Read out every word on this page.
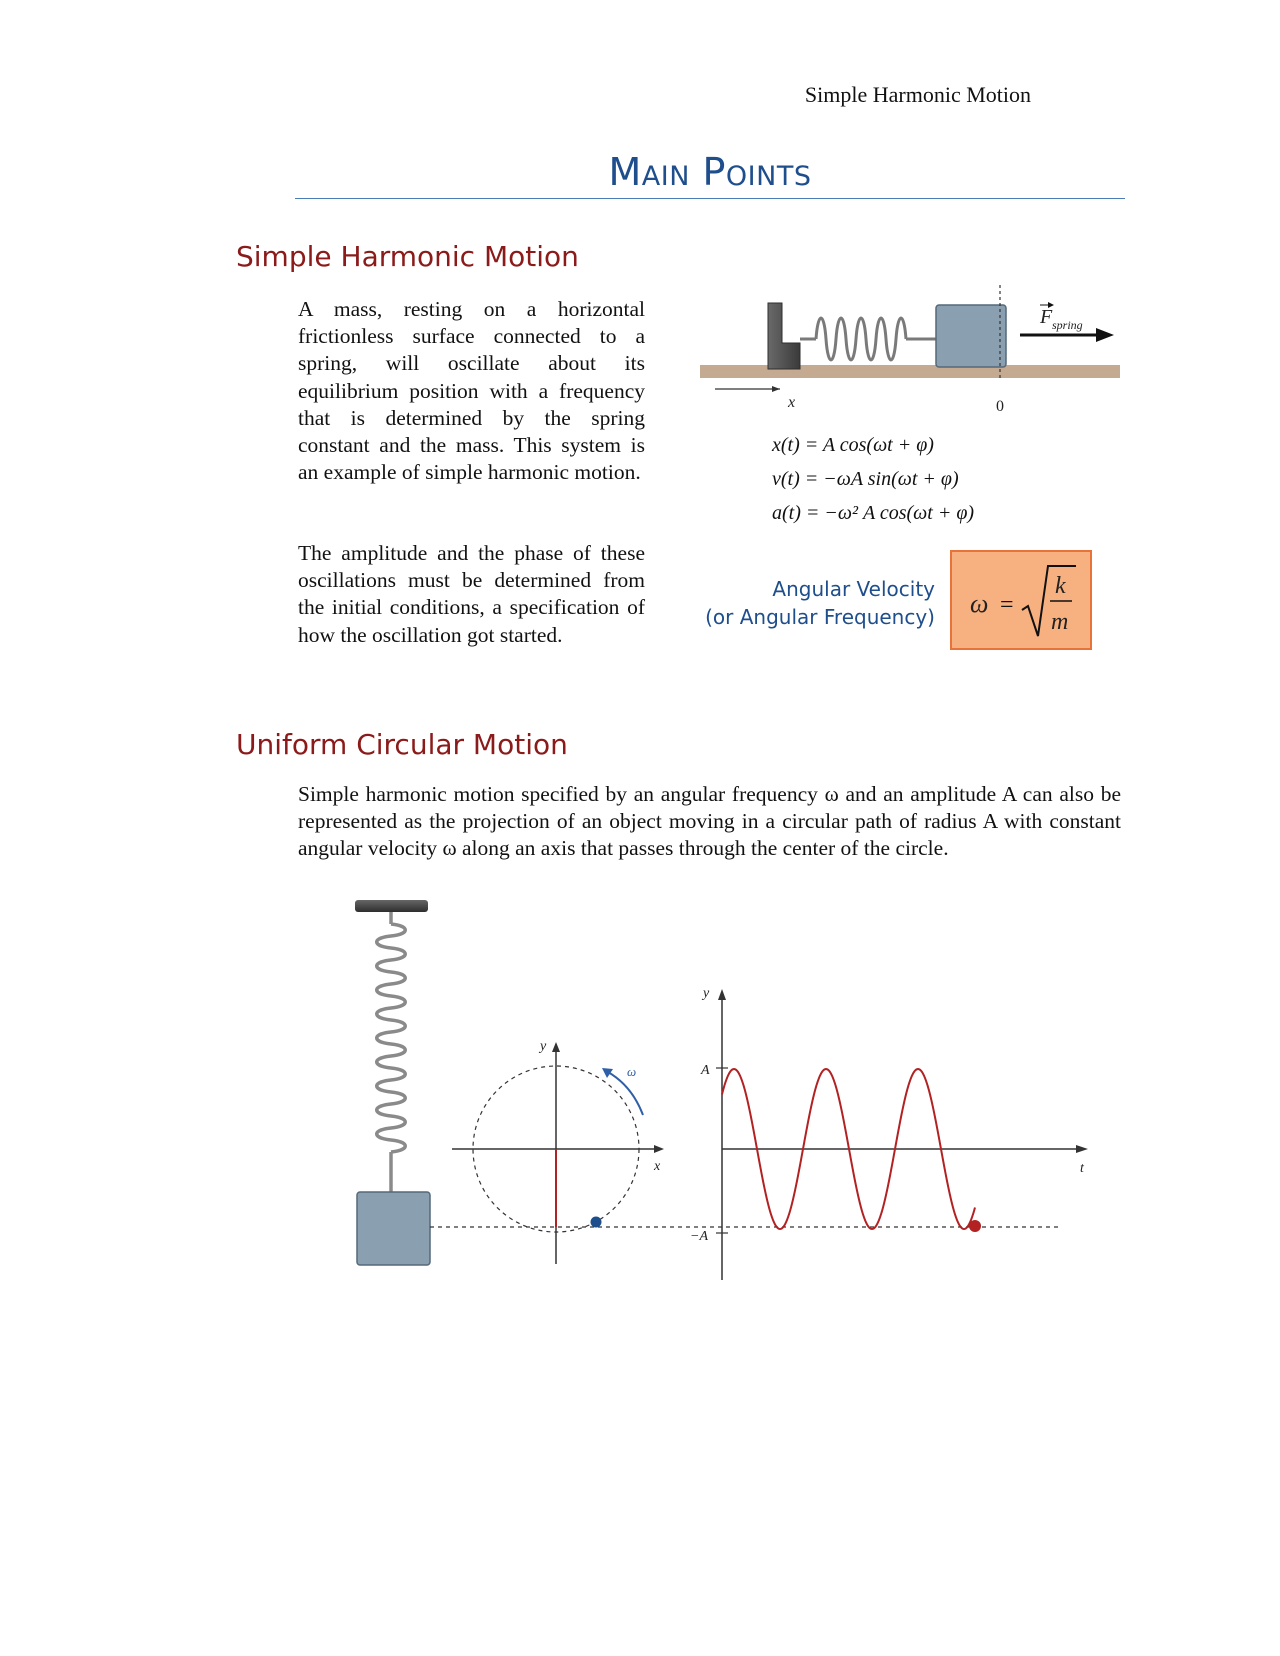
Simple Harmonic Motion
Main Points
Simple Harmonic Motion

A mass, resting on a horizontal frictionless surface connected to a spring, will oscillate about its equilibrium position with a frequency that is determined by the spring constant and the mass. This system is an example of simple harmonic motion.

The amplitude and the phase of these oscillations must be determined from the initial conditions, a specification of how the oscillation got started.

x	0
F spring
x(t) = A cos(ωt + φ)
v(t) = −ωA sin(ωt + φ)
a(t) = −ω² A cos(ωt + φ)
Angular Velocity
(or Angular Frequency) ω =
k
m
Uniform Circular Motion

Simple harmonic motion specified by an angular frequency ω and an amplitude A can also be represented as the projection of an object moving in a circular path of radius A with constant angular velocity ω along an axis that passes through the center of the circle.

y
x
ω
y
t
A
−A
